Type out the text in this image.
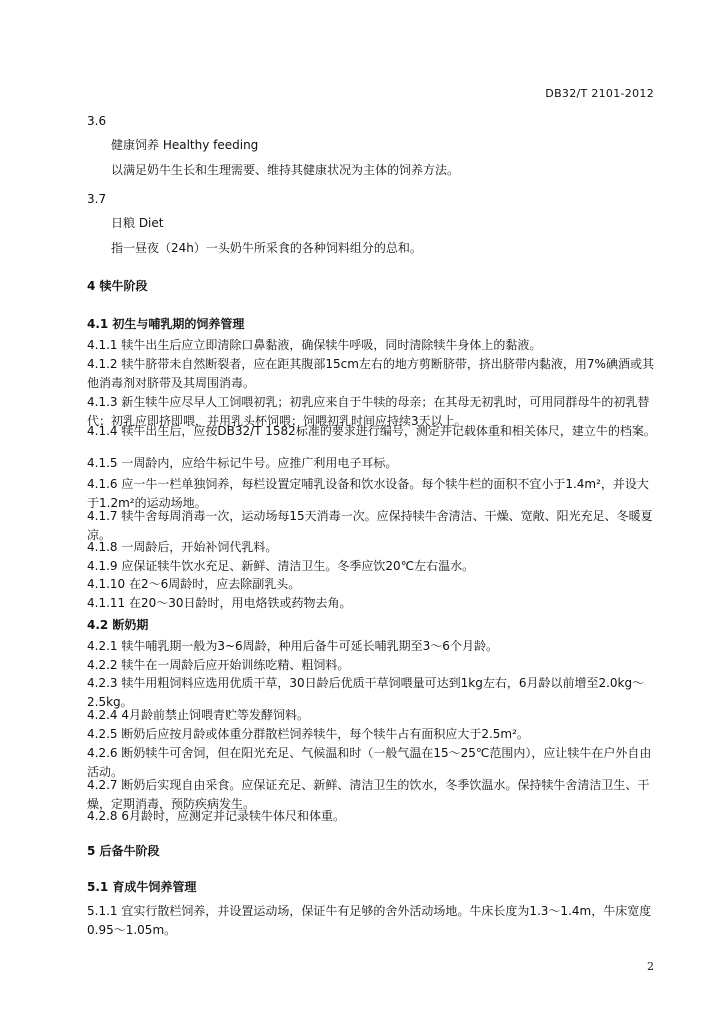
DB32/T 2101-2012
3.6
健康饲养 Healthy feeding
以满足奶牛生长和生理需要、维持其健康状况为主体的饲养方法。
3.7
日粮 Diet
指一昼夜（24h）一头奶牛所采食的各种饲料组分的总和。
4 犊牛阶段
4.1 初生与哺乳期的饲养管理
4.1.1 犊牛出生后应立即清除口鼻黏液，确保犊牛呼吸，同时清除犊牛身体上的黏液。
4.1.2 犊牛脐带未自然断裂者，应在距其腹部15cm左右的地方剪断脐带，挤出脐带内黏液，用7%碘酒或其他消毒剂对脐带及其周围消毒。
4.1.3 新生犊牛应尽早人工饲喂初乳；初乳应来自于牛犊的母亲；在其母无初乳时，可用同群母牛的初乳替代；初乳应即挤即喂，并用乳头杯饲喂；饲喂初乳时间应持续3天以上。
4.1.4 犊牛出生后，应按DB32/T 1582标准的要求进行编号，测定并记载体重和相关体尺，建立牛的档案。
4.1.5 一周龄内，应给牛标记牛号。应推广利用电子耳标。
4.1.6 应一牛一栏单独饲养，每栏设置定哺乳设备和饮水设备。每个犊牛栏的面积不宜小于1.4m²，并设大于1.2m²的运动场地。
4.1.7 犊牛舍每周消毒一次，运动场每15天消毒一次。应保持犊牛舍清洁、干燥、宽敞、阳光充足、冬暖夏凉。
4.1.8 一周龄后，开始补饲代乳料。
4.1.9 应保证犊牛饮水充足、新鲜、清洁卫生。冬季应饮20℃左右温水。
4.1.10 在2～6周龄时，应去除副乳头。
4.1.11 在20～30日龄时，用电烙铁或药物去角。
4.2 断奶期
4.2.1 犊牛哺乳期一般为3~6周龄，种用后备牛可延长哺乳期至3～6个月龄。
4.2.2 犊牛在一周龄后应开始训练吃精、粗饲料。
4.2.3 犊牛用粗饲料应选用优质干草，30日龄后优质干草饲喂量可达到1kg左右，6月龄以前增至2.0kg～2.5kg。
4.2.4 4月龄前禁止饲喂青贮等发酵饲料。
4.2.5 断奶后应按月龄或体重分群散栏饲养犊牛，每个犊牛占有面积应大于2.5m²。
4.2.6 断奶犊牛可舍饲，但在阳光充足、气候温和时（一般气温在15～25℃范围内），应让犊牛在户外自由活动。
4.2.7 断奶后实现自由采食。应保证充足、新鲜、清洁卫生的饮水，冬季饮温水。保持犊牛舍清洁卫生、干燥，定期消毒，预防疾病发生。
4.2.8 6月龄时，应测定并记录犊牛体尺和体重。
5 后备牛阶段
5.1 育成牛饲养管理
5.1.1 宜实行散栏饲养，并设置运动场，保证牛有足够的舍外活动场地。牛床长度为1.3～1.4m，牛床宽度0.95～1.05m。
2
